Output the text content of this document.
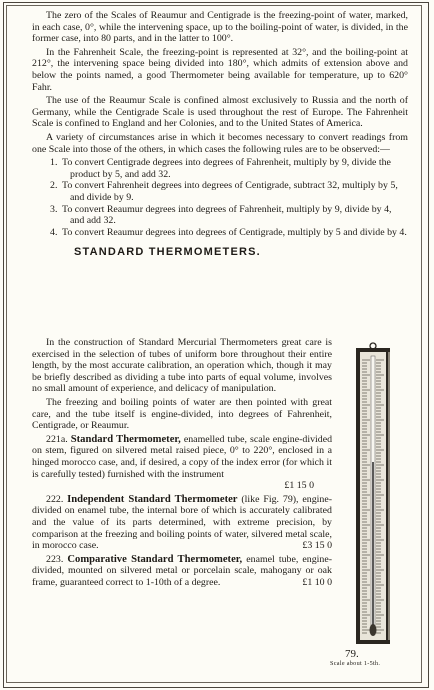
The zero of the Scales of Reaumur and Centigrade is the freezing-point of water, marked, in each case, 0°, while the intervening space, up to the boiling-point of water, is divided, in the former case, into 80 parts, and in the latter to 100°.

In the Fahrenheit Scale, the freezing-point is represented at 32°, and the boiling-point at 212°, the intervening space being divided into 180°, which admits of extension above and below the points named, a good Thermometer being available for temperature, up to 620° Fahr.

The use of the Reaumur Scale is confined almost exclusively to Russia and the north of Germany, while the Centigrade Scale is used throughout the rest of Europe. The Fahrenheit Scale is confined to England and her Colonies, and to the United States of America.

A variety of circumstances arise in which it becomes necessary to convert readings from one Scale into those of the others, in which cases the following rules are to be observed:—

1. To convert Centigrade degrees into degrees of Fahrenheit, multiply by 9, divide the product by 5, and add 32.

2. To convert Fahrenheit degrees into degrees of Centigrade, subtract 32, multiply by 5, and divide by 9.

3. To convert Reaumur degrees into degrees of Fahrenheit, multiply by 9, divide by 4, and add 32.

4. To convert Reaumur degrees into degrees of Centigrade, multiply by 5 and divide by 4.

STANDARD THERMOMETERS.

In the construction of Standard Mercurial Thermometers great care is exercised in the selection of tubes of uniform bore throughout their entire length, by the most accurate calibration, an operation which, though it may be briefly described as dividing a tube into parts of equal volume, involves no small amount of experience, and delicacy of manipulation.

The freezing and boiling points of water are then pointed with great care, and the tube itself is engine-divided, into degrees of Fahrenheit, Centigrade, or Reaumur.

221a. Standard Thermometer, enamelled tube, scale engine-divided on stem, figured on silvered metal raised piece, 0° to 220°, enclosed in a hinged morocco case, and, if desired, a copy of the index error (for which it is carefully tested) furnished with the instrument

£1 15 0

222. Independent Standard Thermometer (like Fig. 79), engine-divided on enamel tube, the internal bore of which is accurately calibrated and the value of its parts determined, with extreme precision, by comparison at the freezing and boiling points of water, silvered metal scale, in morocco case.	£3 15 0

223. Comparative Standard Thermometer, enamel tube, engine-divided, mounted on silvered metal or porcelain scale, mahogany or oak frame, guaranteed correct to 1-10th of a degree.	£1 10 0

79.
Scale about 1-5th.
